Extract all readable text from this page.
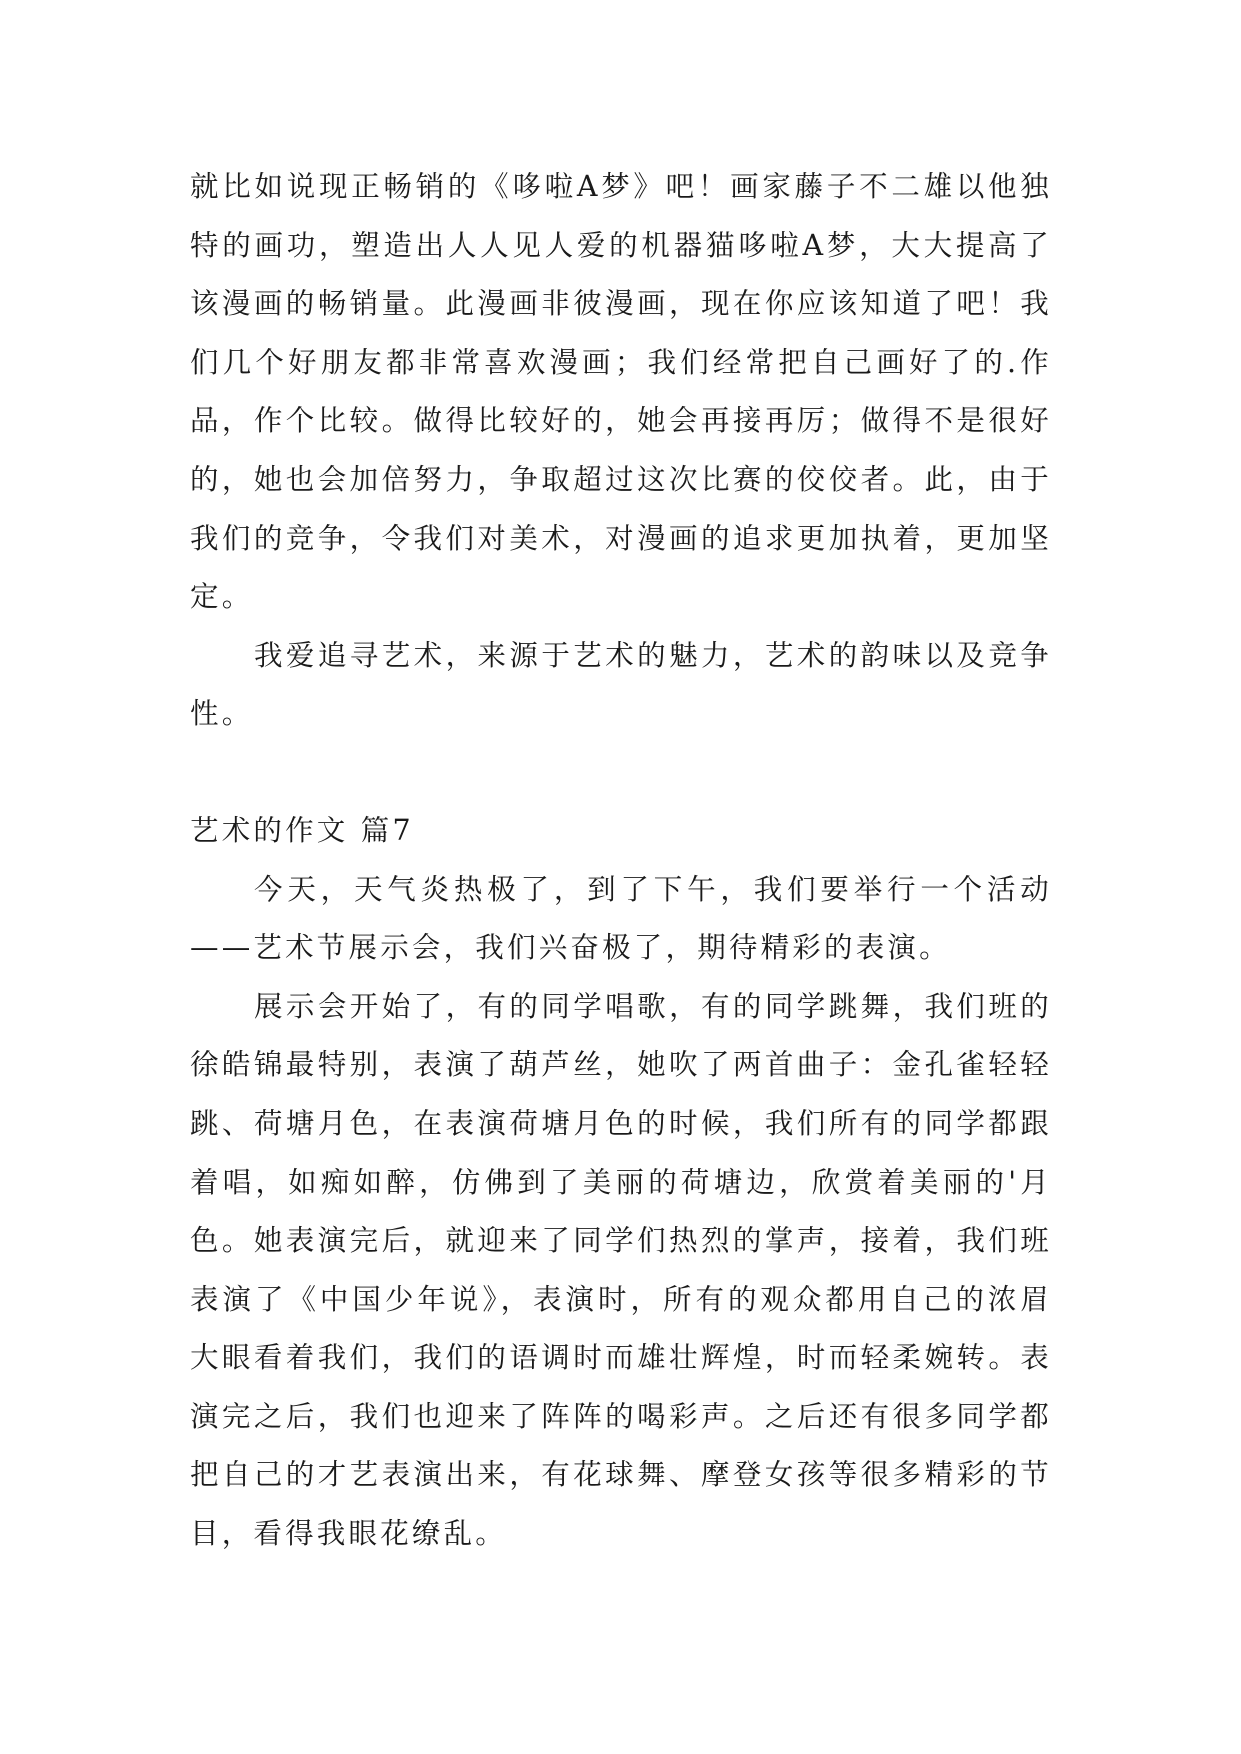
就比如说现正畅销的《哆啦A梦》吧！画家藤子不二雄以他独特的画功，塑造出人人见人爱的机器猫哆啦A梦，大大提高了该漫画的畅销量。此漫画非彼漫画，现在你应该知道了吧！我们几个好朋友都非常喜欢漫画；我们经常把自己画好了的.作品，作个比较。做得比较好的，她会再接再厉；做得不是很好的，她也会加倍努力，争取超过这次比赛的佼佼者。此，由于我们的竞争，令我们对美术，对漫画的追求更加执着，更加坚定。

我爱追寻艺术，来源于艺术的魅力，艺术的韵味以及竞争性。

艺术的作文 篇7

今天，天气炎热极了，到了下午，我们要举行一个活动——艺术节展示会，我们兴奋极了，期待精彩的表演。

展示会开始了，有的同学唱歌，有的同学跳舞，我们班的徐皓锦最特别，表演了葫芦丝，她吹了两首曲子：金孔雀轻轻跳、荷塘月色，在表演荷塘月色的时候，我们所有的同学都跟着唱，如痴如醉，仿佛到了美丽的荷塘边，欣赏着美丽的'月色。她表演完后，就迎来了同学们热烈的掌声，接着，我们班表演了《中国少年说》，表演时，所有的观众都用自己的浓眉大眼看着我们，我们的语调时而雄壮辉煌，时而轻柔婉转。表演完之后，我们也迎来了阵阵的喝彩声。之后还有很多同学都把自己的才艺表演出来，有花球舞、摩登女孩等很多精彩的节目，看得我眼花缭乱。
